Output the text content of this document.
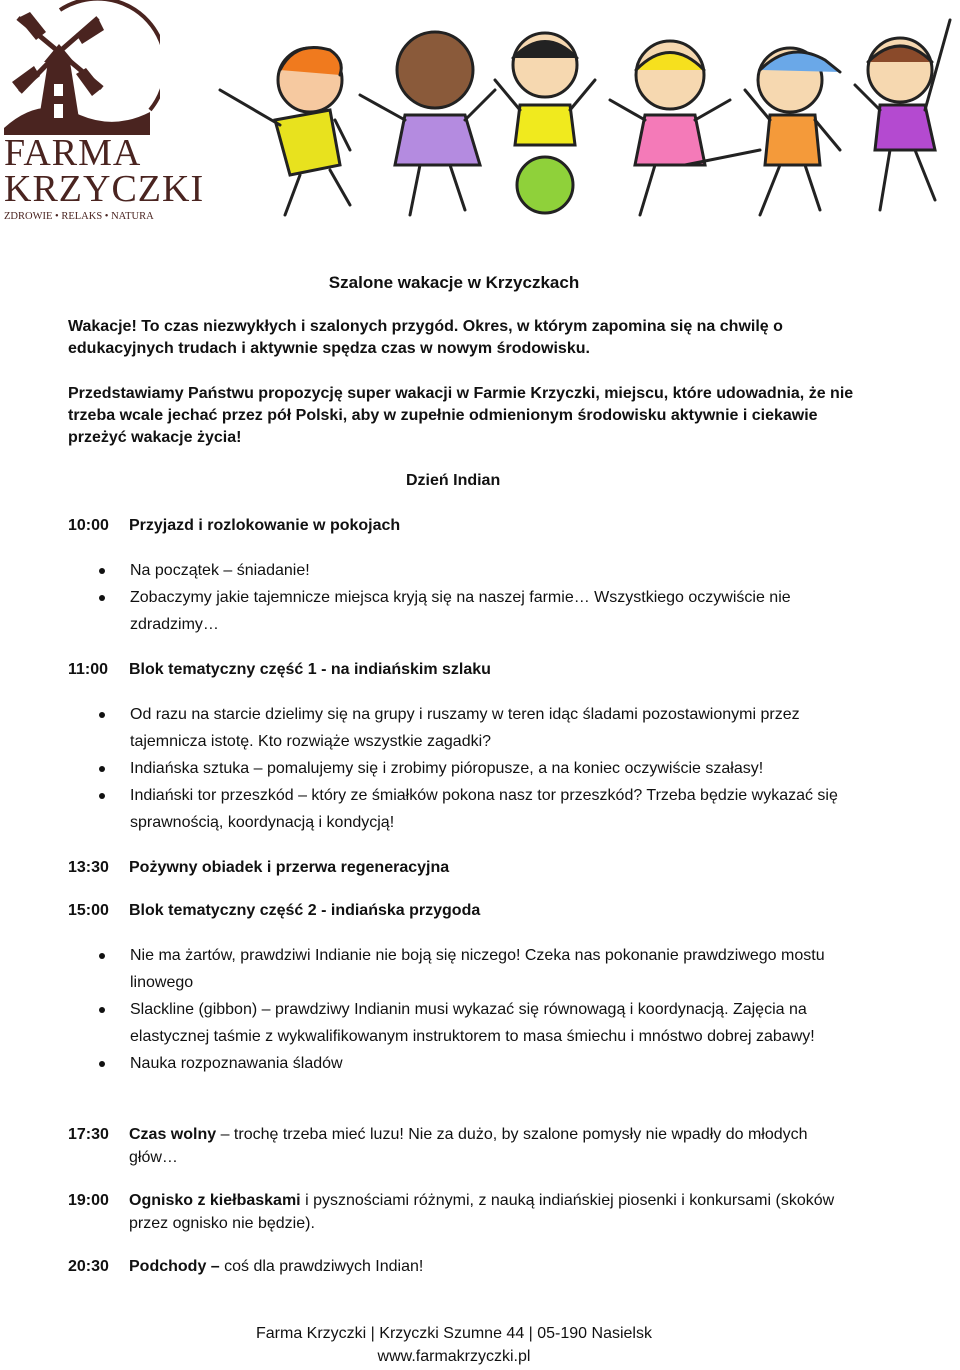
FARMA
KRZYCZKI
ZDROWIE • RELAKS • NATURA
Szalone wakacje w Krzyczkach
Wakacje! To czas niezwykłych i szalonych przygód. Okres, w którym zapomina się na chwilę o edukacyjnych trudach i aktywnie spędza czas w nowym środowisku.
Przedstawiamy Państwu propozycję super wakacji w Farmie Krzyczki, miejscu, które udowadnia, że nie trzeba wcale jechać przez pół Polski, aby w zupełnie odmienionym środowisku aktywnie i ciekawie przeżyć wakacje życia!
Dzień Indian
10:00 Przyjazd i rozlokowanie w pokojach
Na początek – śniadanie!
Zobaczymy jakie tajemnicze miejsca kryją się na naszej farmie… Wszystkiego oczywiście nie zdradzimy…
11:00 Blok tematyczny część 1 - na indiańskim szlaku
Od razu na starcie dzielimy się na grupy i ruszamy w teren idąc śladami pozostawionymi przez tajemnicza istotę. Kto rozwiąże wszystkie zagadki?
Indiańska sztuka – pomalujemy się i zrobimy pióropusze, a na koniec oczywiście szałasy!
Indiański tor przeszkód – który ze śmiałków pokona nasz tor przeszkód? Trzeba będzie wykazać się sprawnością, koordynacją i kondycją!
13:30 Pożywny obiadek i przerwa regeneracyjna
15:00 Blok tematyczny część 2 - indiańska przygoda
Nie ma żartów, prawdziwi Indianie nie boją się niczego! Czeka nas pokonanie prawdziwego mostu linowego
Slackline (gibbon) – prawdziwy Indianin musi wykazać się równowagą i koordynacją. Zajęcia na elastycznej taśmie z wykwalifikowanym instruktorem to masa śmiechu i mnóstwo dobrej zabawy!
Nauka rozpoznawania śladów
17:30 Czas wolny – trochę trzeba mieć luzu! Nie za dużo, by szalone pomysły nie wpadły do młodych głów…
19:00 Ognisko z kiełbaskami i pysznościami różnymi, z nauką indiańskiej piosenki i konkursami (skoków przez ognisko nie będzie).
20:30 Podchody – coś dla prawdziwych Indian!
Farma Krzyczki | Krzyczki Szumne 44 | 05-190 Nasielsk
www.farmakrzyczki.pl
